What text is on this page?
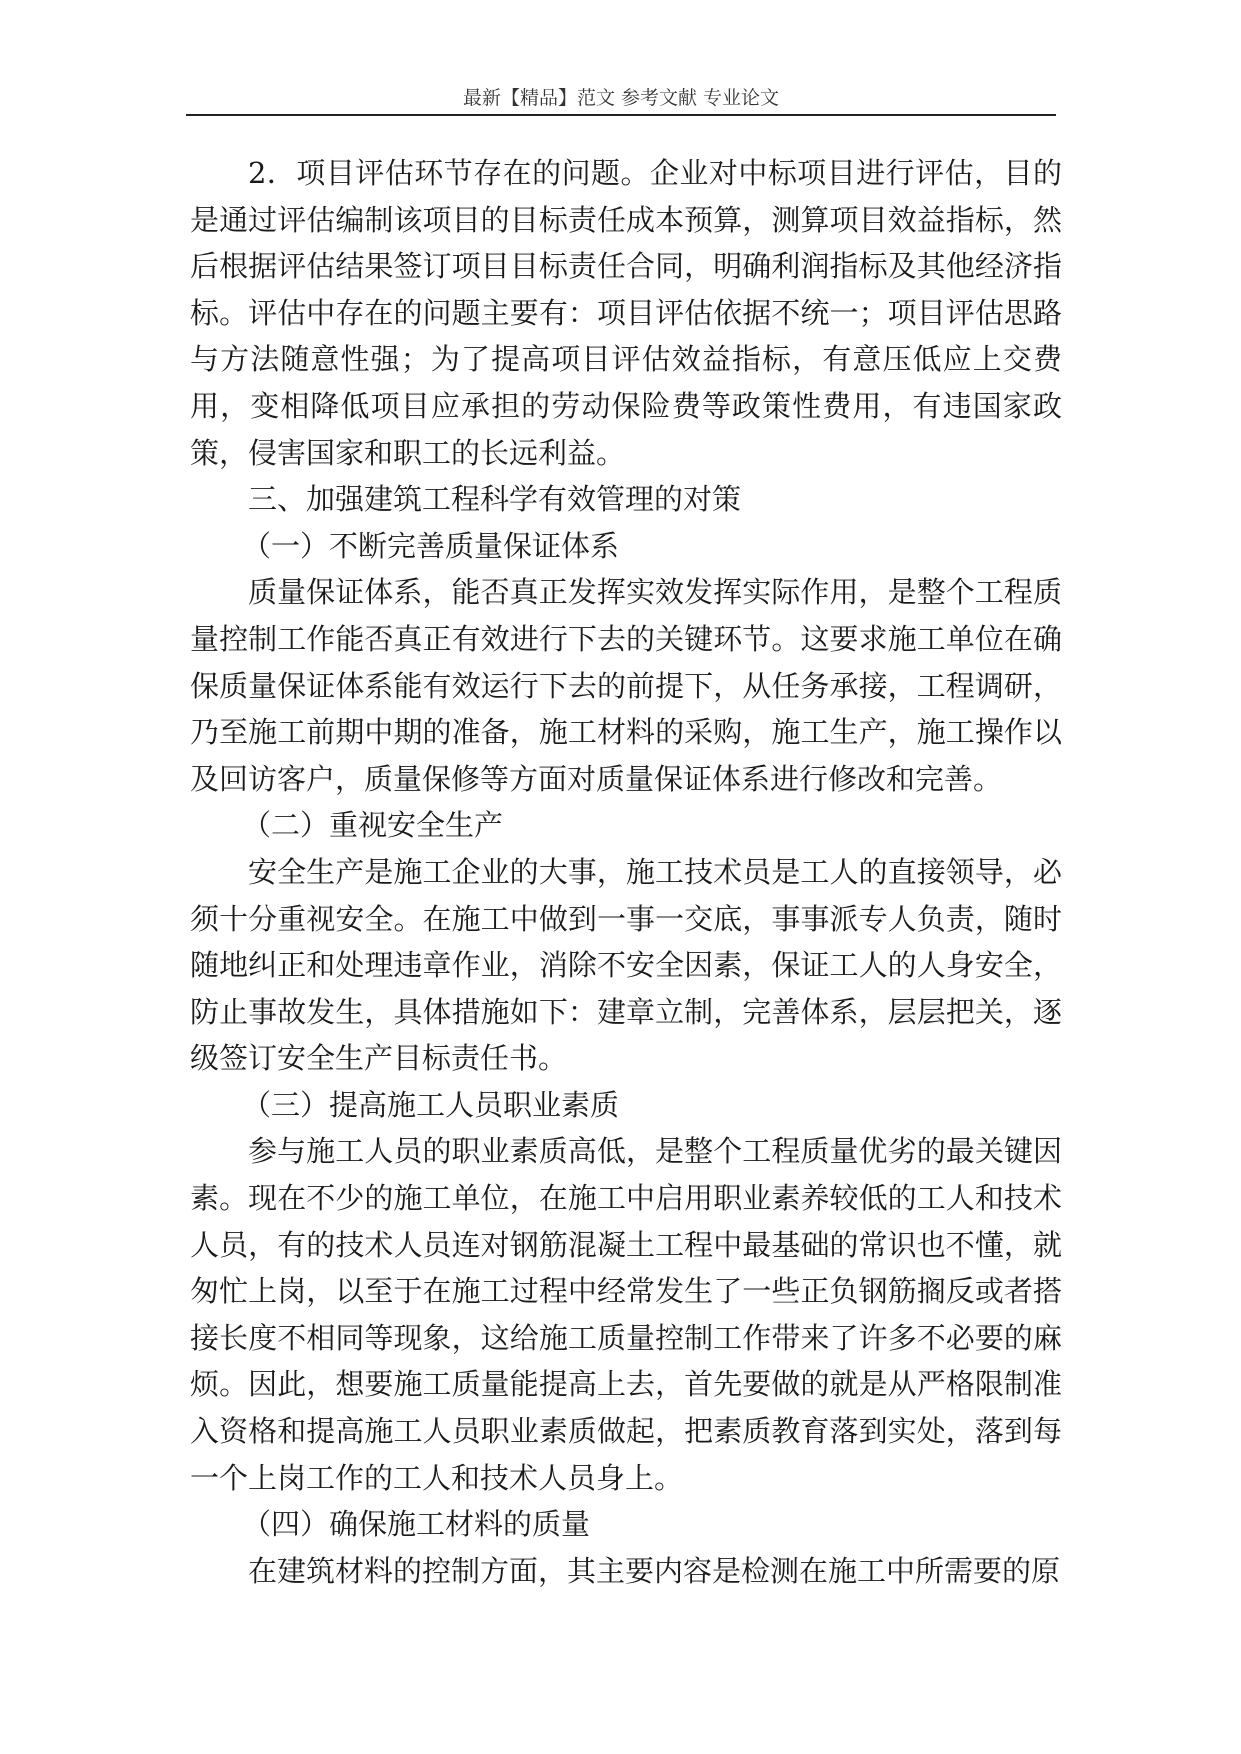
最新【精品】范文 参考文献 专业论文

2．项目评估环节存在的问题。企业对中标项目进行评估，目的是通过评估编制该项目的目标责任成本预算，测算项目效益指标，然后根据评估结果签订项目目标责任合同，明确利润指标及其他经济指标。评估中存在的问题主要有：项目评估依据不统一；项目评估思路与方法随意性强；为了提高项目评估效益指标，有意压低应上交费用，变相降低项目应承担的劳动保险费等政策性费用，有违国家政策，侵害国家和职工的长远利益。

三、加强建筑工程科学有效管理的对策

（一）不断完善质量保证体系

质量保证体系，能否真正发挥实效发挥实际作用，是整个工程质量控制工作能否真正有效进行下去的关键环节。这要求施工单位在确保质量保证体系能有效运行下去的前提下，从任务承接，工程调研，乃至施工前期中期的准备，施工材料的采购，施工生产，施工操作以及回访客户，质量保修等方面对质量保证体系进行修改和完善。

（二）重视安全生产

安全生产是施工企业的大事，施工技术员是工人的直接领导，必须十分重视安全。在施工中做到一事一交底，事事派专人负责，随时随地纠正和处理违章作业，消除不安全因素，保证工人的人身安全，防止事故发生，具体措施如下：建章立制，完善体系，层层把关，逐级签订安全生产目标责任书。

（三）提高施工人员职业素质

参与施工人员的职业素质高低，是整个工程质量优劣的最关键因素。现在不少的施工单位，在施工中启用职业素养较低的工人和技术人员，有的技术人员连对钢筋混凝土工程中最基础的常识也不懂，就匆忙上岗，以至于在施工过程中经常发生了一些正负钢筋搁反或者搭接长度不相同等现象，这给施工质量控制工作带来了许多不必要的麻烦。因此，想要施工质量能提高上去，首先要做的就是从严格限制准入资格和提高施工人员职业素质做起，把素质教育落到实处，落到每一个上岗工作的工人和技术人员身上。

（四）确保施工材料的质量

在建筑材料的控制方面，其主要内容是检测在施工中所需要的原
